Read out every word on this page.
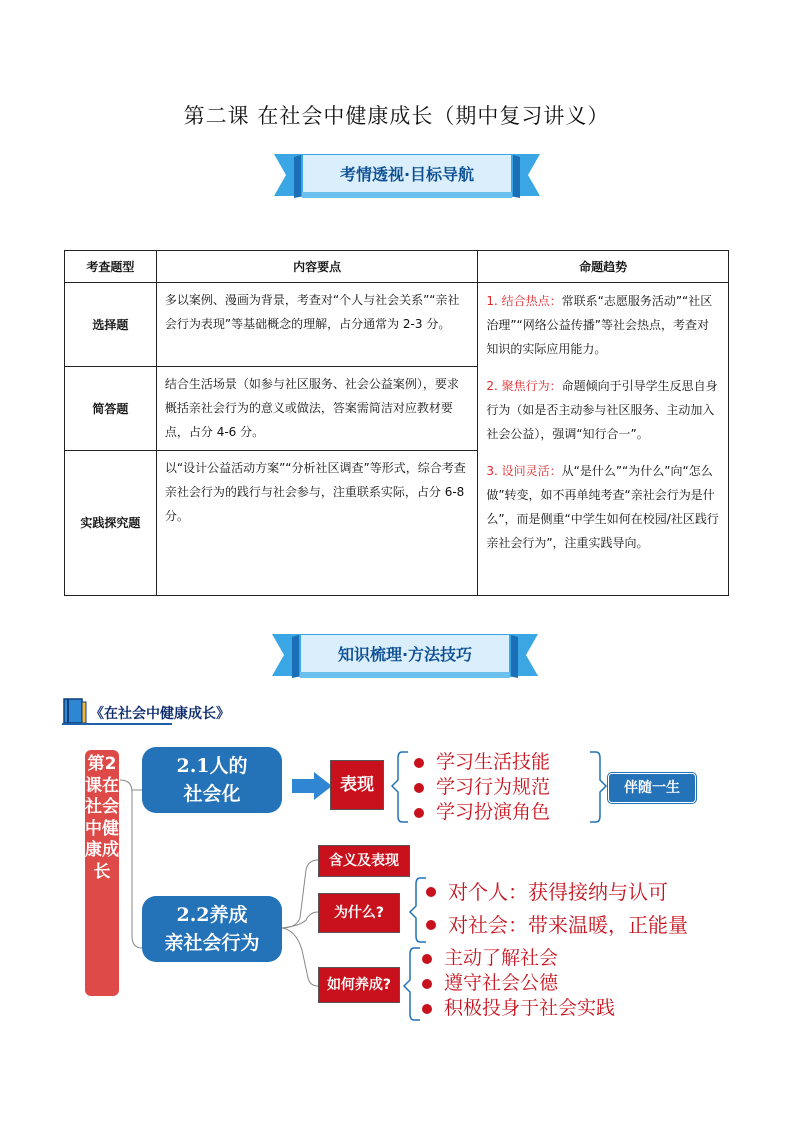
第二课 在社会中健康成长（期中复习讲义）
考情透视·目标导航
考查题型	内容要点	命题趋势
选择题	多以案例、漫画为背景，考查对“个人与社会关系”“亲社会行为表现”等基础概念的理解，占分通常为 2-3 分。	1. 结合热点：常联系“志愿服务活动”“社区治理”“网络公益传播”等社会热点，考查对知识的实际应用能力。

2. 聚焦行为：命题倾向于引导学生反思自身行为（如是否主动参与社区服务、主动加入社会公益），强调“知行合一”。

3. 设问灵活：从“是什么”“为什么”向“怎么做”转变，如不再单纯考查“亲社会行为是什么”，而是侧重“中学生如何在校园/社区践行亲社会行为”，注重实践导向。

简答题	结合生活场景（如参与社区服务、社会公益案例），要求概括亲社会行为的意义或做法，答案需简洁对应教材要点，占分 4-6 分。	
实践探究题	以“设计公益活动方案”“分析社区调查”等形式，综合考查亲社会行为的践行与社会参与，注重联系实际，占分 6-8 分。	
知识梳理·方法技巧
《在社会中健康成长》
第2课在社会中健康成长
2.1人的
社会化	表现
学习生活技能
学习行为规范
学习扮演角色
伴随一生
2.2养成
亲社会行为
含义及表现
为什么?
对个人：获得接纳与认可
对社会：带来温暖，正能量
如何养成?
主动了解社会
遵守社会公德
积极投身于社会实践
